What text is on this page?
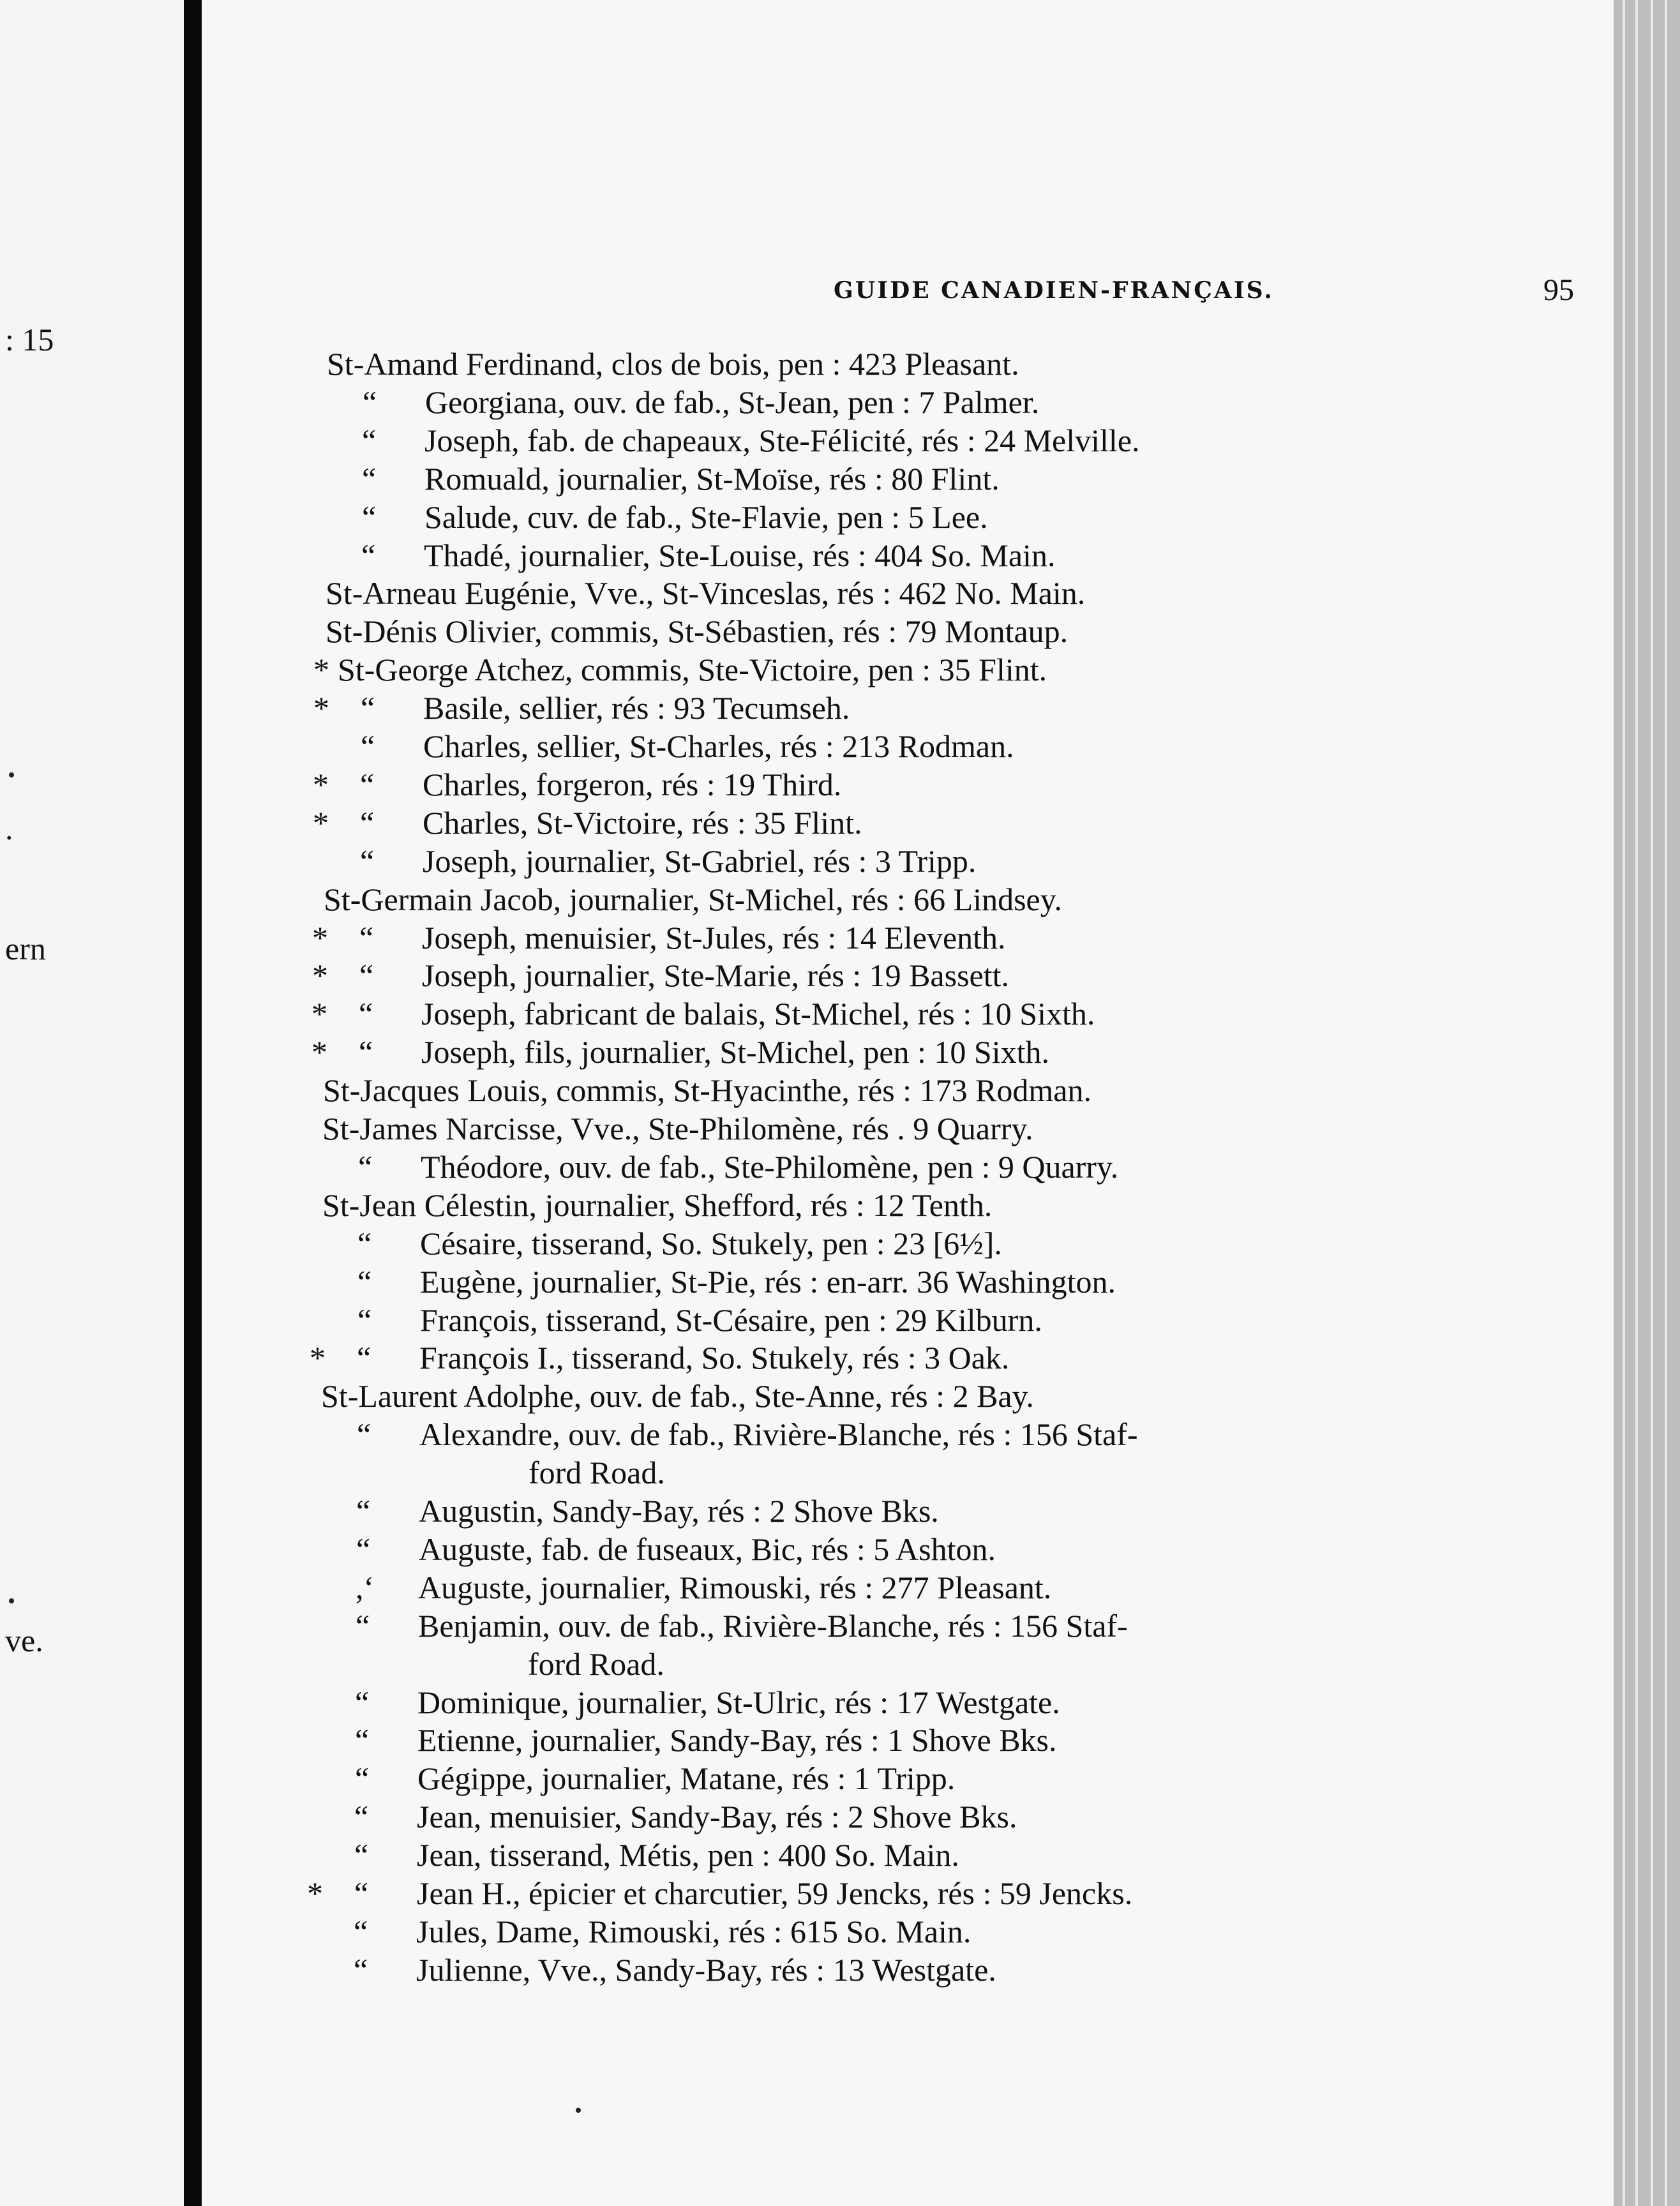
: 15
.
ern
ve.
GUIDE CANADIEN-FRANÇAIS.	95
St-Amand Ferdinand, clos de bois, pen : 423 Pleasant.
“ Georgiana, ouv. de fab., St-Jean, pen : 7 Palmer.
“ Joseph, fab. de chapeaux, Ste-Félicité, rés : 24 Melville.
“ Romuald, journalier, St-Moïse, rés : 80 Flint.
“ Salude, cuv. de fab., Ste-Flavie, pen : 5 Lee.
“ Thadé, journalier, Ste-Louise, rés : 404 So. Main.
St-Arneau Eugénie, Vve., St-Vinceslas, rés : 462 No. Main.
St-Dénis Olivier, commis, St-Sébastien, rés : 79 Montaup.
* St-George Atchez, commis, Ste-Victoire, pen : 35 Flint.
* “ Basile, sellier, rés : 93 Tecumseh.
“ Charles, sellier, St-Charles, rés : 213 Rodman.
* “ Charles, forgeron, rés : 19 Third.
* “ Charles, St-Victoire, rés : 35 Flint.
“ Joseph, journalier, St-Gabriel, rés : 3 Tripp.
St-Germain Jacob, journalier, St-Michel, rés : 66 Lindsey.
* “ Joseph, menuisier, St-Jules, rés : 14 Eleventh.
* “ Joseph, journalier, Ste-Marie, rés : 19 Bassett.
* “ Joseph, fabricant de balais, St-Michel, rés : 10 Sixth.
* “ Joseph, fils, journalier, St-Michel, pen : 10 Sixth.
St-Jacques Louis, commis, St-Hyacinthe, rés : 173 Rodman.
St-James Narcisse, Vve., Ste-Philomène, rés . 9 Quarry.
“ Théodore, ouv. de fab., Ste-Philomène, pen : 9 Quarry.
St-Jean Célestin, journalier, Shefford, rés : 12 Tenth.
“ Césaire, tisserand, So. Stukely, pen : 23 [6½].
“ Eugène, journalier, St-Pie, rés : en-arr. 36 Washington.
“ François, tisserand, St-Césaire, pen : 29 Kilburn.
* “ François I., tisserand, So. Stukely, rés : 3 Oak.
St-Laurent Adolphe, ouv. de fab., Ste-Anne, rés : 2 Bay.
“ Alexandre, ouv. de fab., Rivière-Blanche, rés : 156 Staf-
ford Road.
“ Augustin, Sandy-Bay, rés : 2 Shove Bks.
“ Auguste, fab. de fuseaux, Bic, rés : 5 Ashton.
,‘ Auguste, journalier, Rimouski, rés : 277 Pleasant.
“ Benjamin, ouv. de fab., Rivière-Blanche, rés : 156 Staf-
ford Road.
“ Dominique, journalier, St-Ulric, rés : 17 Westgate.
“ Etienne, journalier, Sandy-Bay, rés : 1 Shove Bks.
“ Gégippe, journalier, Matane, rés : 1 Tripp.
“ Jean, menuisier, Sandy-Bay, rés : 2 Shove Bks.
“ Jean, tisserand, Métis, pen : 400 So. Main.
* “ Jean H., épicier et charcutier, 59 Jencks, rés : 59 Jencks.
“ Jules, Dame, Rimouski, rés : 615 So. Main.
“ Julienne, Vve., Sandy-Bay, rés : 13 Westgate.
